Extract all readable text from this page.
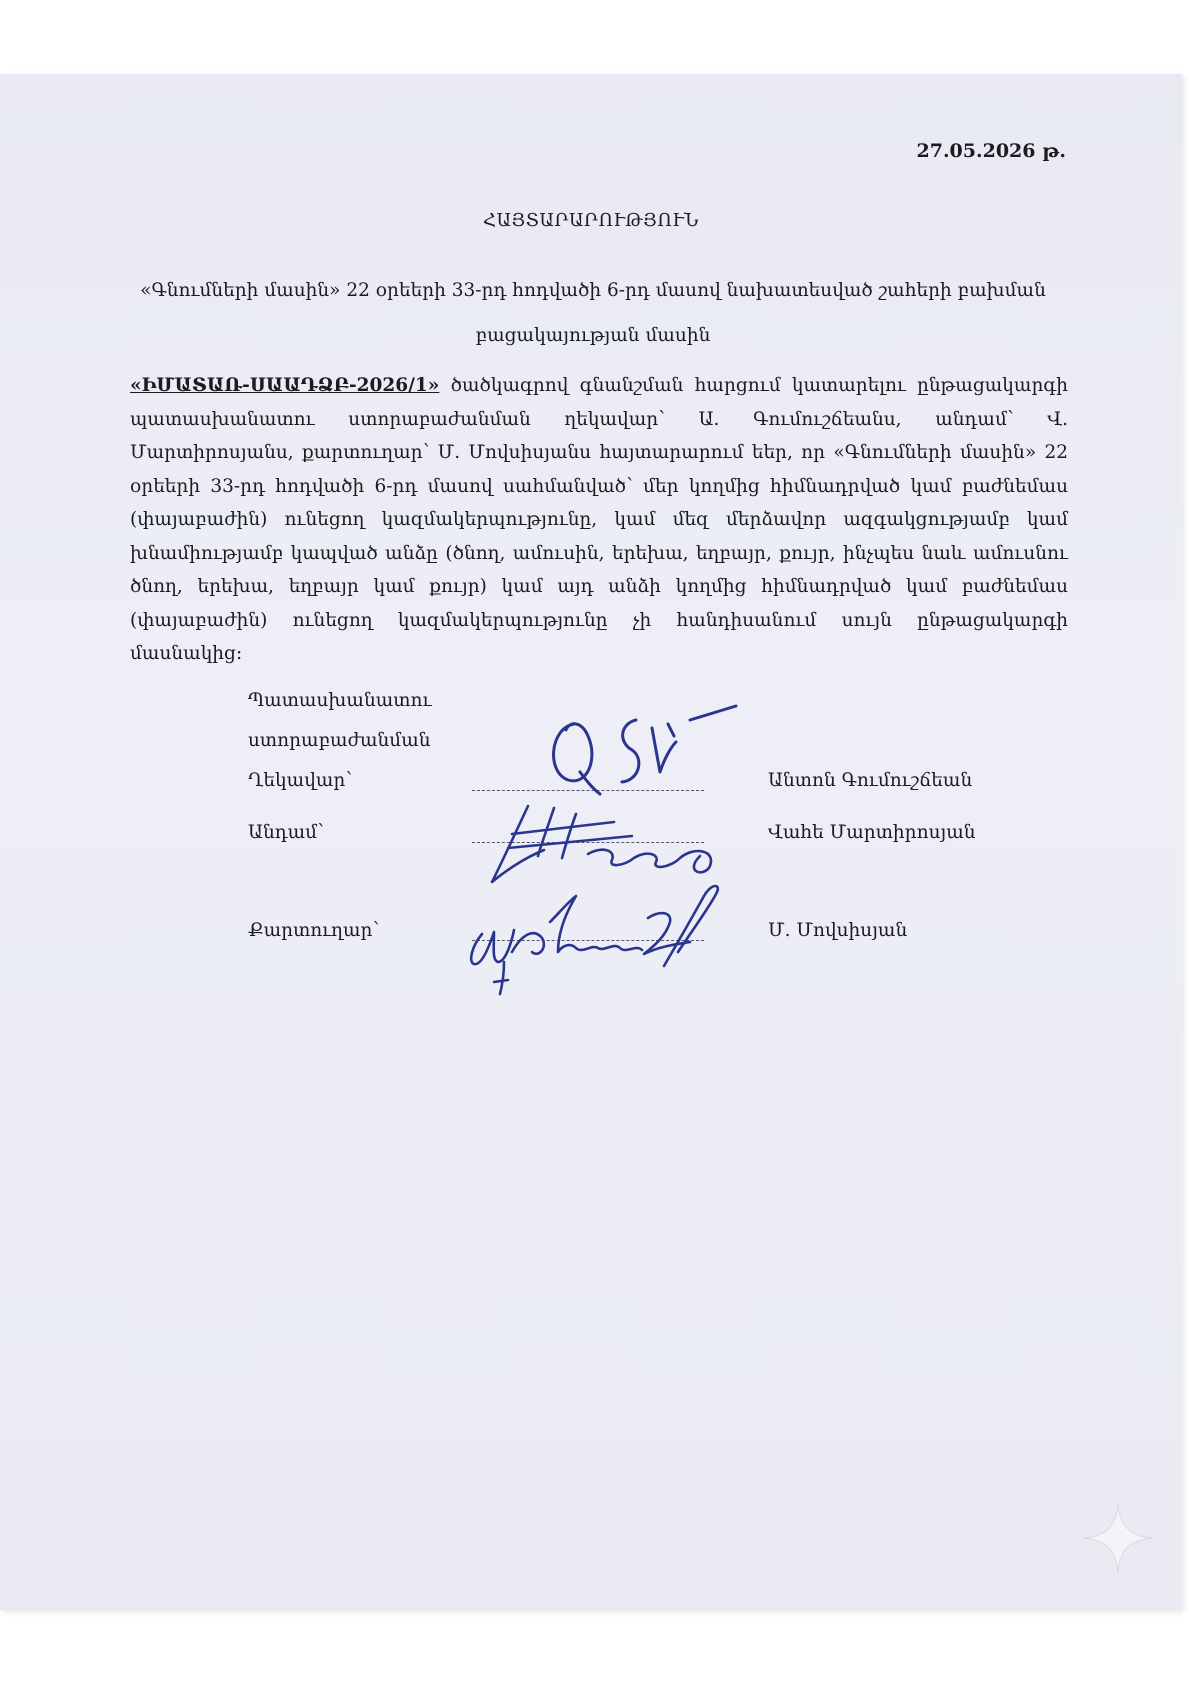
27.05.2026 թ.
ՀԱՅՏԱՐԱՐՈՒԹՅՈՒՆ
«Գնումների մասին» 22 օրեերի 33-րդ հոդվածի 6-րդ մասով նախատեսված շահերի բախման բացակայության մասին
«ԻՄԱՏԱՌ-ՍԱԱԴՁԲ-2026/1» ծածկագրով գնանշման հարցում կատարելու ընթացակարգի պատասխանատու ստորաբաժանման ղեկավար՝ Ա. Գումուշճեանս, անդամ՝ Վ. Մարտիրոսյանս, քարտուղար՝ Մ. Մովսիսյանս հայտարարում եեր, որ «Գնումների մասին» 22 օրեերի 33-րդ հոդվածի 6-րդ մասով սահմանված՝ մեր կողմից հիմնադրված կամ բաժնեմաս (փայաբաժին) ունեցող կազմակերպությունը, կամ մեզ մերձավոր ազգակցությամբ կամ խնամիությամբ կապված անձը (ծնող, ամուսին, երեխա, եղբայր, քույր, ինչպես նաև ամուսնու ծնող, երեխա, եղբայր կամ քույր) կամ այդ անձի կողմից հիմնադրված կամ բաժնեմաս (փայաբաժին) ունեցող կազմակերպությունը չի հանդիսանում սույն ընթացակարգի մասնակից:
Պատասխանատու
ստորաբաժանման
Ղեկավար՝	Անտոն Գումուշճեան
Անդամ՝	Վահե Մարտիրոսյան
Քարտուղար՝	Մ. Մովսիսյան
